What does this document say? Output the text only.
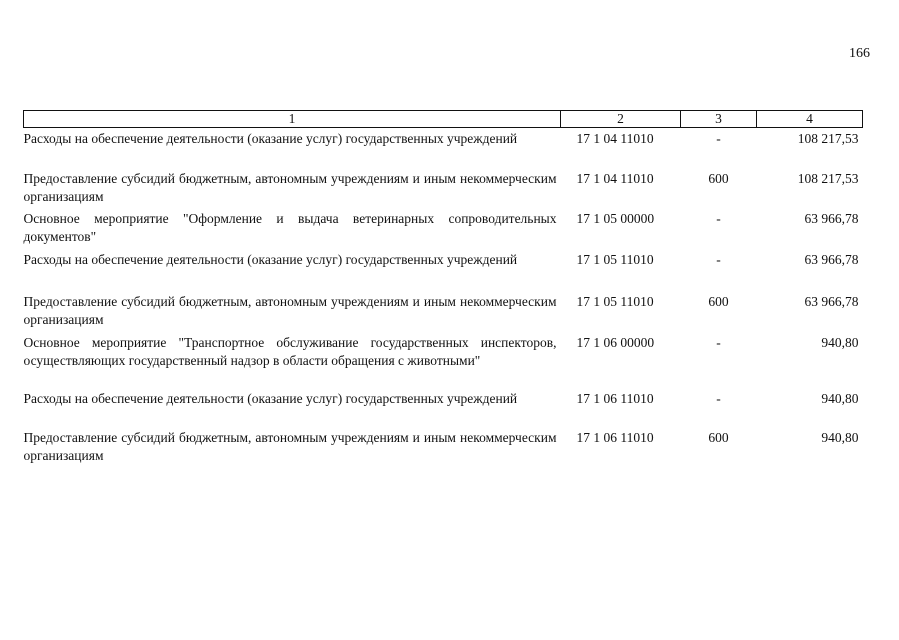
166
1	2	3	4
Расходы на обеспечение деятельности (оказание услуг) государственных учреждений	17 1 04 11010	-	108 217,53
Предоставление субсидий бюджетным, автономным учреждениям и иным некоммерческим организациям	17 1 04 11010	600	108 217,53
Основное мероприятие "Оформление и выдача ветеринарных сопроводительных документов"	17 1 05 00000	-	63 966,78
Расходы на обеспечение деятельности (оказание услуг) государственных учреждений	17 1 05 11010	-	63 966,78
Предоставление субсидий бюджетным, автономным учреждениям и иным некоммерческим организациям	17 1 05 11010	600	63 966,78
Основное мероприятие "Транспортное обслуживание государственных инспекторов, осуществляющих государственный надзор в области обращения с животными"	17 1 06 00000	-	940,80
Расходы на обеспечение деятельности (оказание услуг) государственных учреждений	17 1 06 11010	-	940,80
Предоставление субсидий бюджетным, автономным учреждениям и иным некоммерческим организациям	17 1 06 11010	600	940,80
